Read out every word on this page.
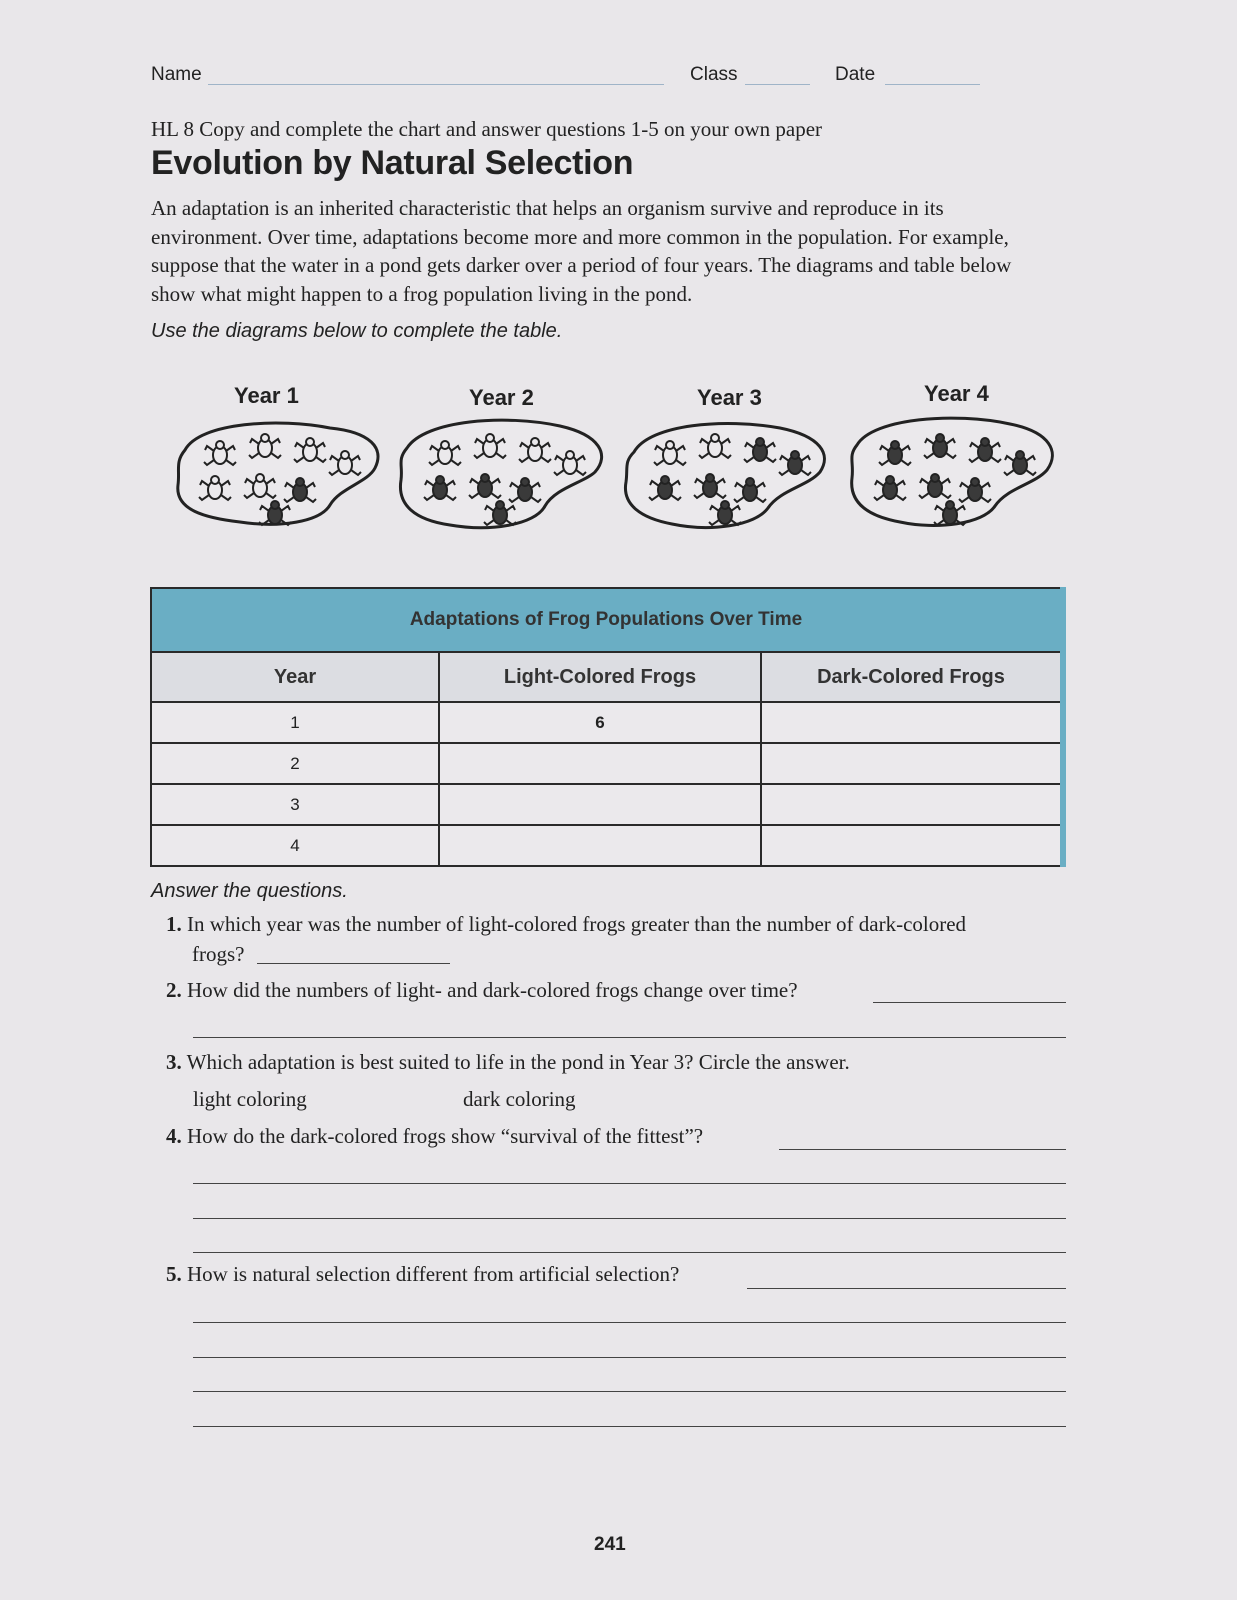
Name	Class	Date
HL 8 Copy and complete the chart and answer questions 1-5 on your own paper
Evolution by Natural Selection

An adaptation is an inherited characteristic that helps an organism survive and reproduce in its environment. Over time, adaptations become more and more common in the population. For example, suppose that the water in a pond gets darker over a period of four years. The diagrams and table below show what might happen to a frog population living in the pond.

Use the diagrams below to complete the table.
Year 1	Year 2	Year 3	Year 4
Adaptations of Frog Populations Over Time		
Year	Light-Colored Frogs	Dark-Colored Frogs
1	6	
2		
3		
4		
Answer the questions.
1. In which year was the number of light-colored frogs greater than the number of dark-colored
frogs?
2. How did the numbers of light- and dark-colored frogs change over time?
3. Which adaptation is best suited to life in the pond in Year 3? Circle the answer.
light coloring	dark coloring
4. How do the dark-colored frogs show “survival of the fittest”?
5. How is natural selection different from artificial selection?
241
